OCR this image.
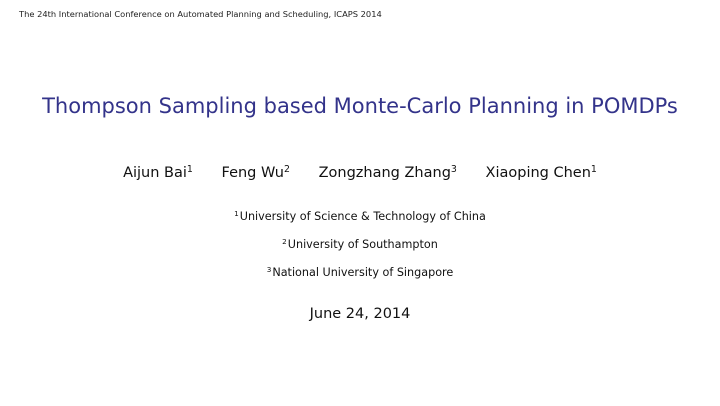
The 24th International Conference on Automated Planning and Scheduling, ICAPS 2014
Thompson Sampling based Monte-Carlo Planning in POMDPs
Aijun Bai$^1$ Feng Wu$^2$ Zongzhang Zhang$^3$ Xiaoping Chen$^1$
$^1$University of Science & Technology of China
$^2$University of Southampton
$^3$National University of Singapore
June 24, 2014
